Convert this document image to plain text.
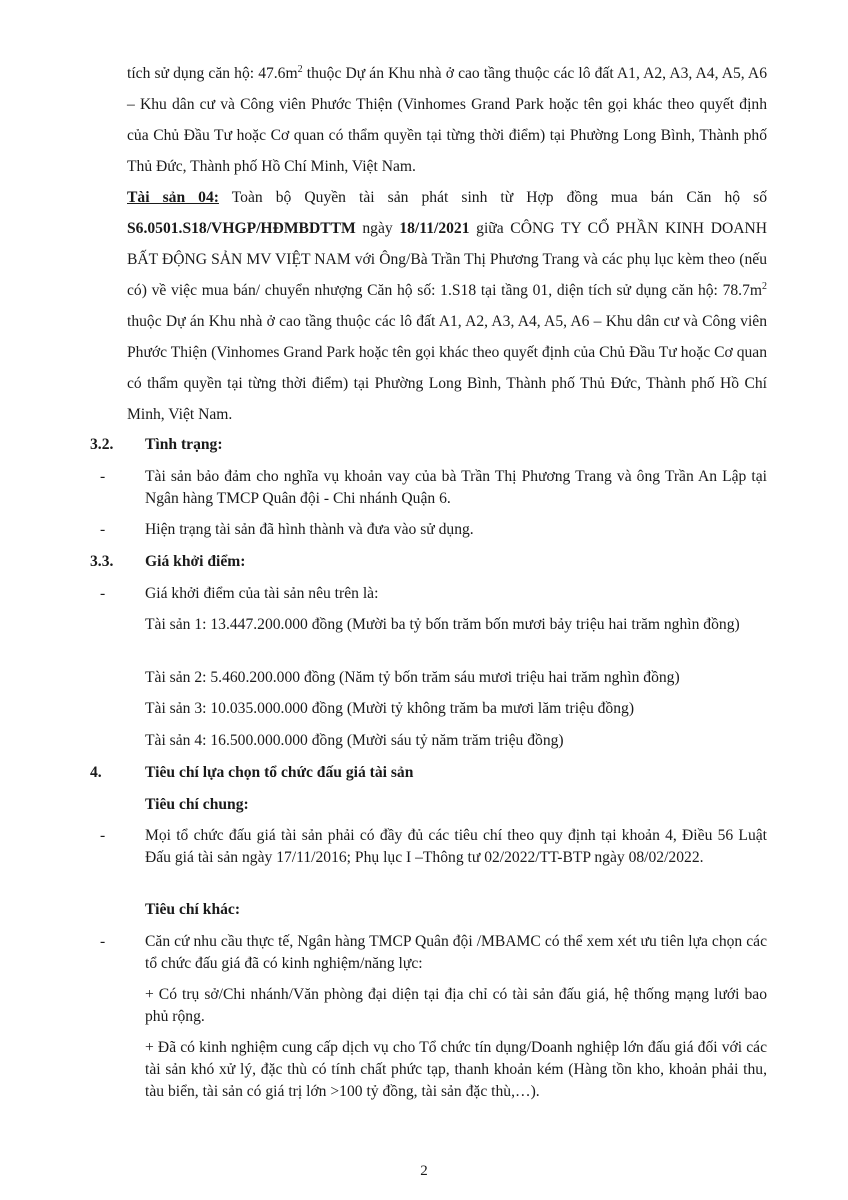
tích sử dụng căn hộ: $47.6m^2$ thuộc Dự án Khu nhà ở cao tầng thuộc các lô đất A1, A2, A3, A4, A5, A6 – Khu dân cư và Công viên Phước Thiện (Vinhomes Grand Park hoặc tên gọi khác theo quyết định của Chủ Đầu Tư hoặc Cơ quan có thẩm quyền tại từng thời điểm) tại Phường Long Bình, Thành phố Thủ Đức, Thành phố Hồ Chí Minh, Việt Nam.

Tài sản 04: Toàn bộ Quyền tài sản phát sinh từ Hợp đồng mua bán Căn hộ số S6.0501.S18/VHGP/HĐMBDTTM ngày 18/11/2021 giữa CÔNG TY CỔ PHẦN KINH DOANH BẤT ĐỘNG SẢN MV VIỆT NAM với Ông/Bà Trần Thị Phương Trang và các phụ lục kèm theo (nếu có) về việc mua bán/ chuyển nhượng Căn hộ số: 1.S18 tại tầng 01, diện tích sử dụng căn hộ: $78.7m^2$ thuộc Dự án Khu nhà ở cao tầng thuộc các lô đất A1, A2, A3, A4, A5, A6 – Khu dân cư và Công viên Phước Thiện (Vinhomes Grand Park hoặc tên gọi khác theo quyết định của Chủ Đầu Tư hoặc Cơ quan có thẩm quyền tại từng thời điểm) tại Phường Long Bình, Thành phố Thủ Đức, Thành phố Hồ Chí Minh, Việt Nam.

3.2. Tình trạng:
-	Tài sản bảo đảm cho nghĩa vụ khoản vay của bà Trần Thị Phương Trang và ông Trần An Lập tại Ngân hàng TMCP Quân đội - Chi nhánh Quận 6.

-	Hiện trạng tài sản đã hình thành và đưa vào sử dụng.

3.3. Giá khởi điểm:
-	Giá khởi điểm của tài sản nêu trên là:

Tài sản 1: 13.447.200.000 đồng (Mười ba tỷ bốn trăm bốn mươi bảy triệu hai trăm nghìn đồng)

Tài sản 2: 5.460.200.000 đồng (Năm tỷ bốn trăm sáu mươi triệu hai trăm nghìn đồng)

Tài sản 3: 10.035.000.000 đồng (Mười tỷ không trăm ba mươi lăm triệu đồng)

Tài sản 4: 16.500.000.000 đồng (Mười sáu tỷ năm trăm triệu đồng)

4.	Tiêu chí lựa chọn tổ chức đấu giá tài sản
Tiêu chí chung:
-	Mọi tổ chức đấu giá tài sản phải có đầy đủ các tiêu chí theo quy định tại khoản 4, Điều 56 Luật Đấu giá tài sản ngày 17/11/2016; Phụ lục I –Thông tư 02/2022/TT-BTP ngày 08/02/2022.

Tiêu chí khác:
-	Căn cứ nhu cầu thực tế, Ngân hàng TMCP Quân đội /MBAMC có thể xem xét ưu tiên lựa chọn các tổ chức đấu giá đã có kinh nghiệm/năng lực:

+ Có trụ sở/Chi nhánh/Văn phòng đại diện tại địa chỉ có tài sản đấu giá, hệ thống mạng lưới bao phủ rộng.

+ Đã có kinh nghiệm cung cấp dịch vụ cho Tổ chức tín dụng/Doanh nghiệp lớn đấu giá đối với các tài sản khó xử lý, đặc thù có tính chất phức tạp, thanh khoản kém (Hàng tồn kho, khoản phải thu, tàu biển, tài sản có giá trị lớn >100 tỷ đồng, tài sản đặc thù,…).

2
